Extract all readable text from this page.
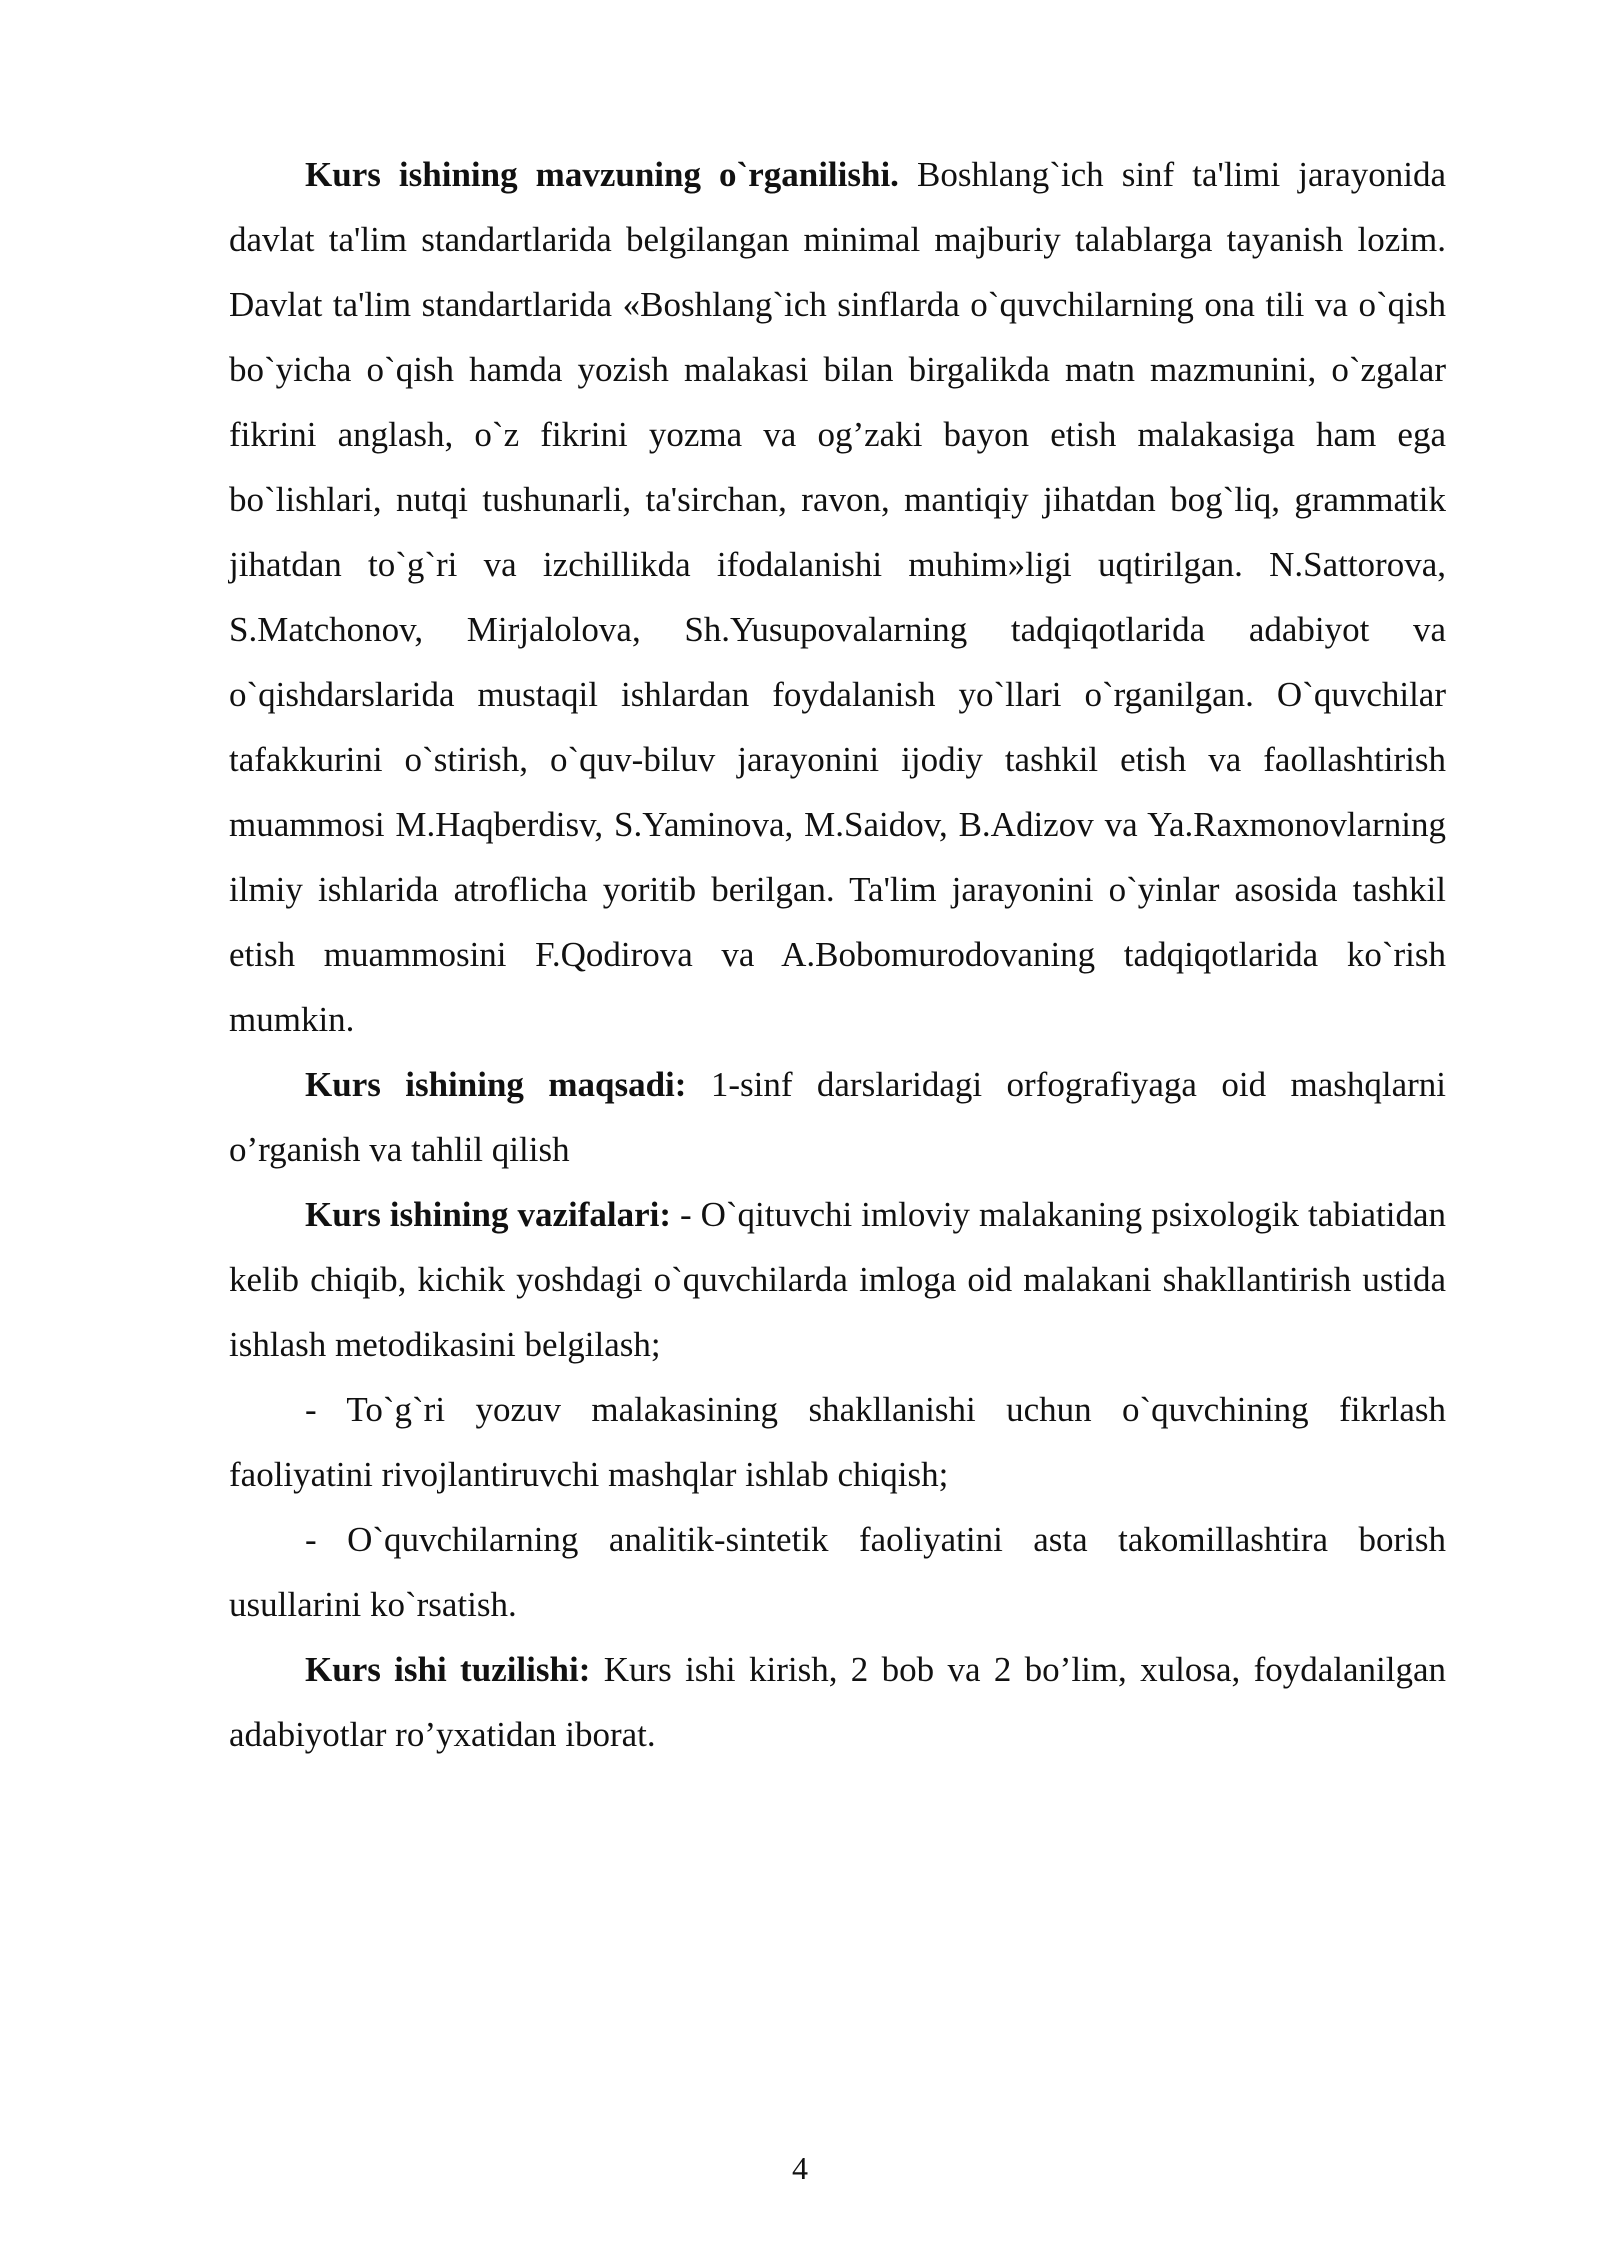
Kurs ishining mavzuning o`rganilishi. Boshlang`ich sinf ta'limi jarayonida davlat ta'lim standartlarida belgilangan minimal majburiy talablarga tayanish lozim. Davlat ta'lim standartlarida «Boshlang`ich sinflarda o`quvchilarning ona tili va o`qish bo`yicha o`qish hamda yozish malakasi bilan birgalikda matn mazmunini, o`zgalar fikrini anglash, o`z fikrini yozma va og’zaki bayon etish malakasiga ham ega bo`lishlari, nutqi tushunarli, ta'sirchan, ravon, mantiqiy jihatdan bog`liq, grammatik jihatdan to`g`ri va izchillikda ifodalanishi muhim»ligi uqtirilgan. N.Sattorova, S.Matchonov, Mirjalolova, Sh.Yusupovalarning tadqiqotlarida adabiyot va o`qishdarslarida mustaqil ishlardan foydalanish yo`llari o`rganilgan. O`quvchilar tafakkurini o`stirish, o`quv-biluv jarayonini ijodiy tashkil etish va faollashtirish muammosi M.Haqberdisv, S.Yaminova, M.Saidov, B.Adizov va Ya.Raxmonovlarning ilmiy ishlarida atroflicha yoritib berilgan. Ta'lim jarayonini o`yinlar asosida tashkil etish muammosini F.Qodirova va A.Bobomurodovaning tadqiqotlarida ko`rish mumkin.

Kurs ishining maqsadi: 1-sinf darslaridagi orfografiyaga oid mashqlarni o’rganish va tahlil qilish

Kurs ishining vazifalari: - O`qituvchi imloviy malakaning psixologik tabiatidan kelib chiqib, kichik yoshdagi o`quvchilarda imloga oid malakani shakllantirish ustida ishlash metodikasini belgilash;

- To`g`ri yozuv malakasining shakllanishi uchun o`quvchining fikrlash faoliyatini rivojlantiruvchi mashqlar ishlab chiqish;

- O`quvchilarning analitik-sintetik faoliyatini asta takomillashtira borish usullarini ko`rsatish.

Kurs ishi tuzilishi: Kurs ishi kirish, 2 bob va 2 bo’lim, xulosa, foydalanilgan adabiyotlar ro’yxatidan iborat.

4
